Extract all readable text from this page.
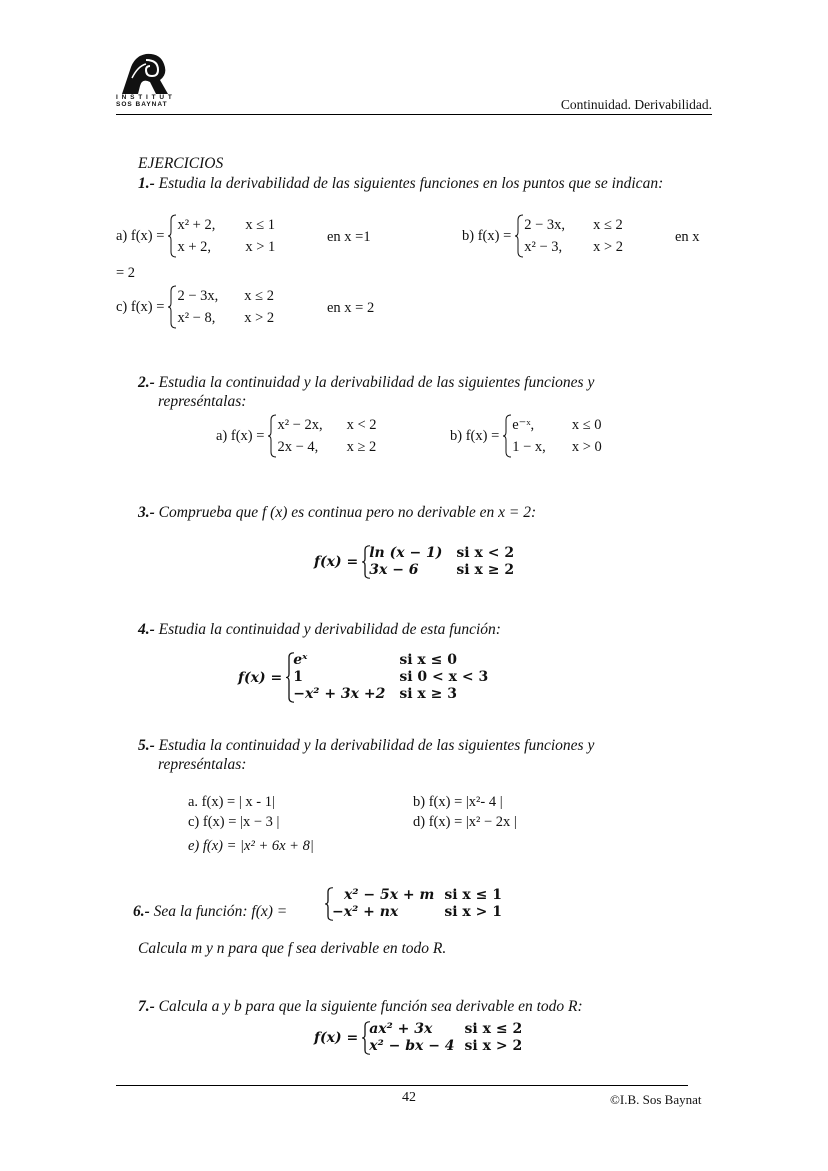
I N S T I T U T
SOS BAYNAT	Continuidad. Derivabilidad.
EJERCICIOS
1.- Estudia la derivabilidad de las siguientes funciones en los puntos que se indican:
a) f(x) =
x² + 2, x ≤ 1
x + 2, x > 1
en x =1	b) f(x) =
2 − 3x, x ≤ 2
x² − 3, x > 2
en x
= 2
c) f(x) =
2 − 3x, x ≤ 2
x² − 8, x > 2
en x = 2
2.- Estudia la continuidad y la derivabilidad de las siguientes funciones y
represéntalas:
a) f(x) =
x² − 2x, x < 2
2x − 4, x ≥ 2
b) f(x) =
e⁻ˣ,	x ≤ 0
1 − x, x > 0
3.- Comprueba que f (x) es continua pero no derivable en x = 2:
f(x) =
ln (x − 1) si x < 2
3x − 6	si x ≥ 2
4.- Estudia la continuidad y derivabilidad de esta función:
f(x) =
eˣ	si x ≤ 0
1	si 0 < x < 3
−x² + 3x +2 si x ≥ 3
5.- Estudia la continuidad y la derivabilidad de las siguientes funciones y
represéntalas:
a. f(x) = | x - 1|	b) f(x) = |x²- 4 |
c) f(x) = |x − 3 |	d) f(x) = |x² − 2x |
e) f(x) = |x² + 6x + 8|
6.- Sea la función: f(x) =
x² − 5x + m si x ≤ 1
−x² + nx	si x > 1
Calcula m y n para que f sea derivable en todo R.
7.- Calcula a y b para que la siguiente función sea derivable en todo R:
f(x) =
ax² + 3x	si x ≤ 2
x² − bx − 4 si x > 2
42	©I.B. Sos Baynat
